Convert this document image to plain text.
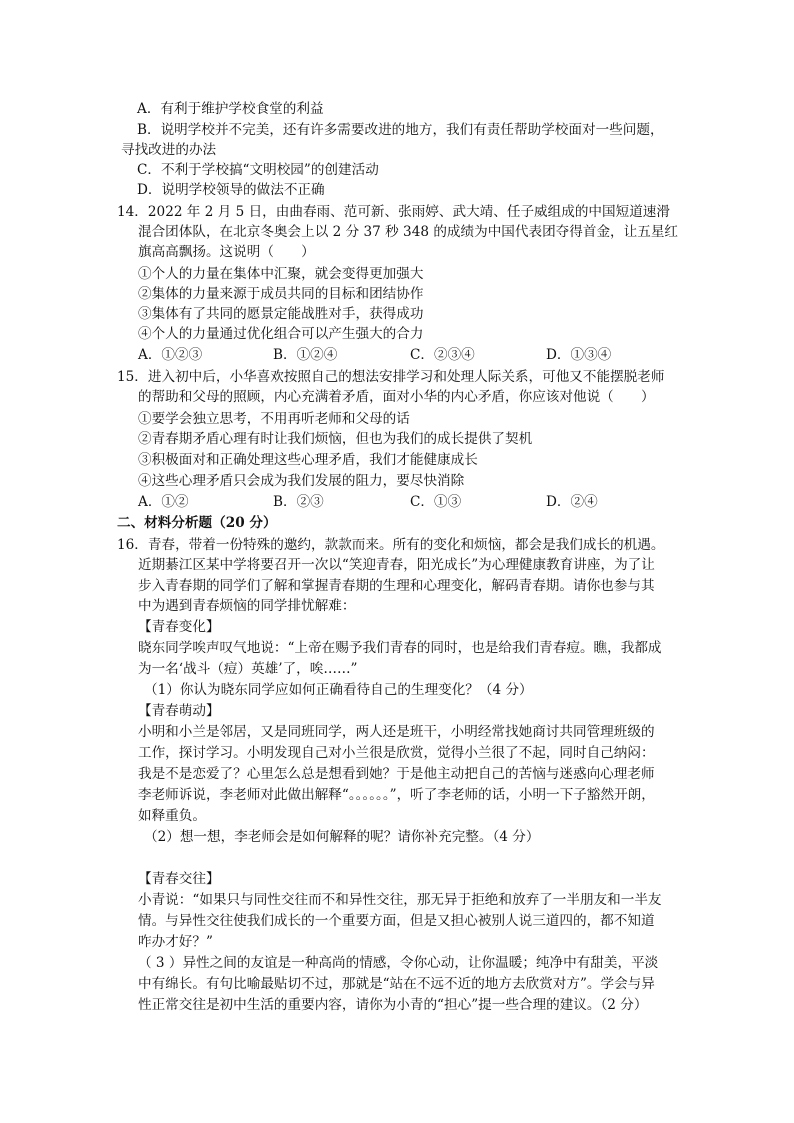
A．有利于维护学校食堂的利益
B．说明学校并不完美，还有许多需要改进的地方，我们有责任帮助学校面对一些问题，
寻找改进的办法
C．不利于学校搞“文明校园”的创建活动
D．说明学校领导的做法不正确
14．2022 年 2 月 5 日，由曲春雨、范可新、张雨婷、武大靖、任子威组成的中国短道速滑
混合团体队，在北京冬奥会上以 2 分 37 秒 348 的成绩为中国代表团夺得首金，让五星红
旗高高飘扬。这说明（　　）
①个人的力量在集体中汇聚，就会变得更加强大
②集体的力量来源于成员共同的目标和团结协作
③集体有了共同的愿景定能战胜对手，获得成功
④个人的力量通过优化组合可以产生强大的合力
A．①②③	B．①②④	C．②③④	D．①③④
15．进入初中后，小华喜欢按照自己的想法安排学习和处理人际关系，可他又不能摆脱老师
的帮助和父母的照顾，内心充满着矛盾，面对小华的内心矛盾，你应该对他说（　　）
①要学会独立思考，不用再听老师和父母的话
②青春期矛盾心理有时让我们烦恼，但也为我们的成长提供了契机
③积极面对和正确处理这些心理矛盾，我们才能健康成长
④这些心理矛盾只会成为我们发展的阻力，要尽快消除
A．①②	B．②③	C．①③	D．②④
二、材料分析题（20 分）
16．青春，带着一份特殊的邀约，款款而来。所有的变化和烦恼，都会是我们成长的机遇。
近期綦江区某中学将要召开一次以“笑迎青春，阳光成长”为心理健康教育讲座，为了让
步入青春期的同学们了解和掌握青春期的生理和心理变化，解码青春期。请你也参与其
中为遇到青春烦恼的同学排忧解难：
【青春变化】
晓东同学唉声叹气地说：“上帝在赐予我们青春的同时，也是给我们青春痘。瞧，我都成
为一名‘战斗（痘）英雄’了，唉……”
（1）你认为晓东同学应如何正确看待自己的生理变化？（4 分）
【青春萌动】
小明和小兰是邻居，又是同班同学，两人还是班干，小明经常找她商讨共同管理班级的
工作，探讨学习。小明发现自己对小兰很是欣赏，觉得小兰很了不起，同时自己纳闷：
我是不是恋爱了？心里怎么总是想看到她？于是他主动把自己的苦恼与迷惑向心理老师
李老师诉说，李老师对此做出解释“。。。。。。”，听了李老师的话，小明一下子豁然开朗，
如释重负。
（2）想一想，李老师会是如何解释的呢？请你补充完整。（4 分）
【青春交往】
小青说：“如果只与同性交往而不和异性交往，那无异于拒绝和放弃了一半朋友和一半友
情。与异性交往使我们成长的一个重要方面，但是又担心被别人说三道四的，都不知道
咋办才好？”
（ 3 ）异性之间的友谊是一种高尚的情感，令你心动，让你温暖；纯净中有甜美，平淡
中有绵长。有句比喻最贴切不过，那就是“站在不远不近的地方去欣赏对方”。学会与异
性正常交往是初中生活的重要内容，请你为小青的“担心”提一些合理的建议。（2 分）
